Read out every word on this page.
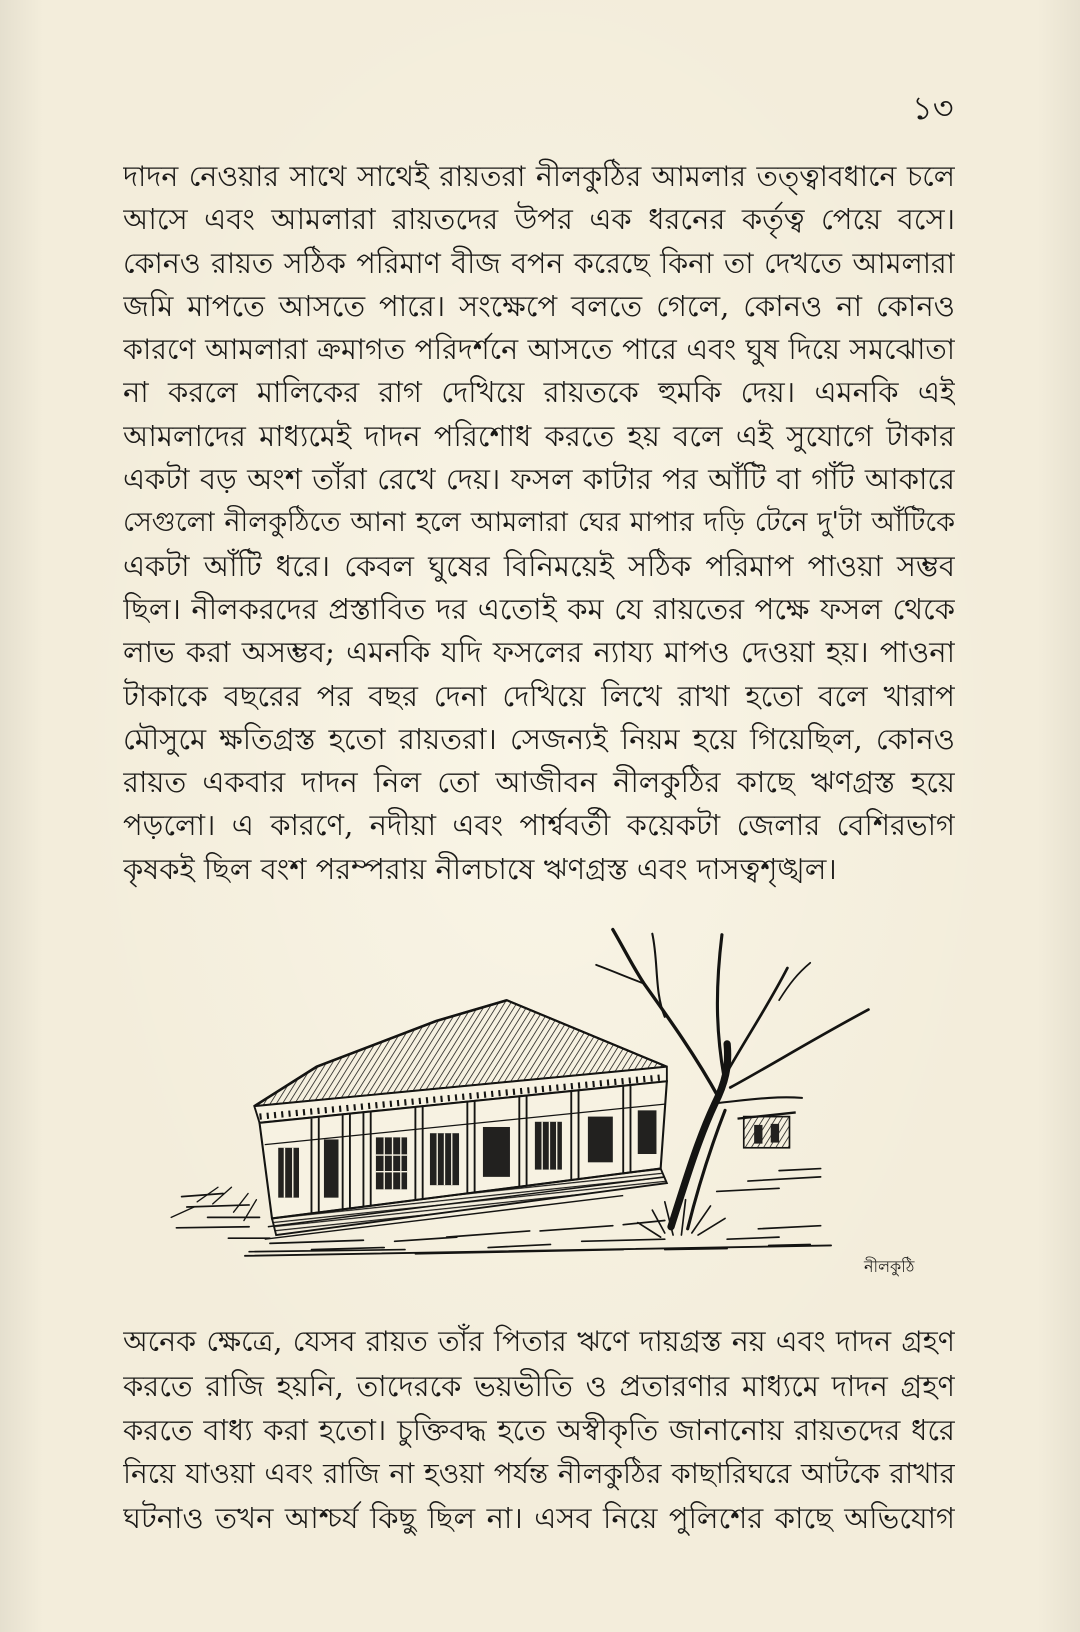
১৩
দাদন নেওয়ার সাথে সাথেই রায়তরা নীলকুঠির আমলার তত্ত্বাবধানে চলে
আসে এবং আমলারা রায়তদের উপর এক ধরনের কর্তৃত্ব পেয়ে বসে।
কোনও রায়ত সঠিক পরিমাণ বীজ বপন করেছে কিনা তা দেখতে আমলারা
জমি মাপতে আসতে পারে। সংক্ষেপে বলতে গেলে, কোনও না কোনও
কারণে আমলারা ক্রমাগত পরিদর্শনে আসতে পারে এবং ঘুষ দিয়ে সমঝোতা
না করলে মালিকের রাগ দেখিয়ে রায়তকে হুমকি দেয়। এমনকি এই
আমলাদের মাধ্যমেই দাদন পরিশোধ করতে হয় বলে এই সুযোগে টাকার
একটা বড় অংশ তাঁরা রেখে দেয়। ফসল কাটার পর আঁটি বা গাঁট আকারে
সেগুলো নীলকুঠিতে আনা হলে আমলারা ঘের মাপার দড়ি টেনে দু'টা আঁটিকে
একটা আঁটি ধরে। কেবল ঘুষের বিনিময়েই সঠিক পরিমাপ পাওয়া সম্ভব
ছিল। নীলকরদের প্রস্তাবিত দর এতোই কম যে রায়তের পক্ষে ফসল থেকে
লাভ করা অসম্ভব; এমনকি যদি ফসলের ন্যায্য মাপও দেওয়া হয়। পাওনা
টাকাকে বছরের পর বছর দেনা দেখিয়ে লিখে রাখা হতো বলে খারাপ
মৌসুমে ক্ষতিগ্রস্ত হতো রায়তরা। সেজন্যই নিয়ম হয়ে গিয়েছিল, কোনও
রায়ত একবার দাদন নিল তো আজীবন নীলকুঠির কাছে ঋণগ্রস্ত হয়ে
পড়লো। এ কারণে, নদীয়া এবং পার্শ্ববর্তী কয়েকটা জেলার বেশিরভাগ
কৃষকই ছিল বংশ পরম্পরায় নীলচাষে ঋণগ্রস্ত এবং দাসত্বশৃঙ্খল।
নীলকুঠি
অনেক ক্ষেত্রে, যেসব রায়ত তাঁর পিতার ঋণে দায়গ্রস্ত নয় এবং দাদন গ্রহণ
করতে রাজি হয়নি, তাদেরকে ভয়ভীতি ও প্রতারণার মাধ্যমে দাদন গ্রহণ
করতে বাধ্য করা হতো। চুক্তিবদ্ধ হতে অস্বীকৃতি জানানোয় রায়তদের ধরে
নিয়ে যাওয়া এবং রাজি না হওয়া পর্যন্ত নীলকুঠির কাছারিঘরে আটকে রাখার
ঘটনাও তখন আশ্চর্য কিছু ছিল না। এসব নিয়ে পুলিশের কাছে অভিযোগ
